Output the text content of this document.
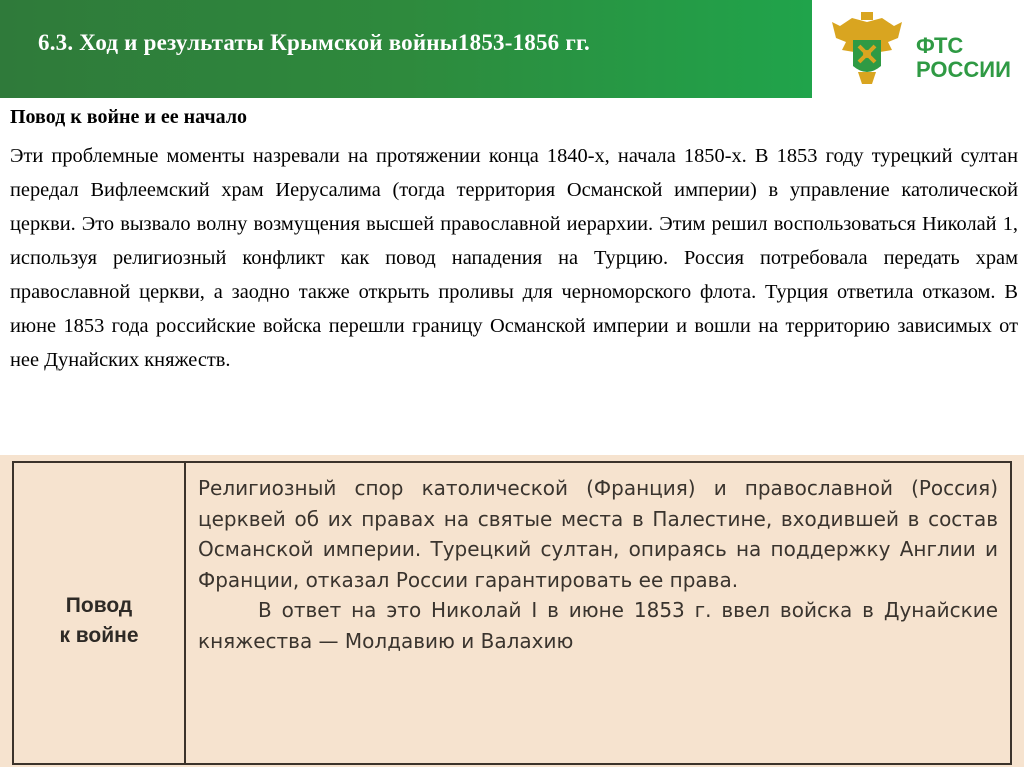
6.3. Ход и результаты Крымской войны1853-1856 гг.	ФТС
РОССИИ
Повод к войне и ее начало

Эти проблемные моменты назревали на протяжении конца 1840-х, начала 1850-х. В 1853 году турецкий султан передал Вифлеемский храм Иерусалима (тогда территория Османской империи) в управление католической церкви. Это вызвало волну возмущения высшей православной иерархии. Этим решил воспользоваться Николай 1, используя религиозный конфликт как повод нападения на Турцию. Россия потребовала передать храм православной церкви, а заодно также открыть проливы для черноморского флота. Турция ответила отказом. В июне 1853 года российские войска перешли границу Османской империи и вошли на территорию зависимых от нее Дунайских княжеств.

Повод
к войне

Религиозный спор католической (Франция) и православной (Россия) церквей об их правах на святые места в Палестине, входившей в состав Османской империи. Турецкий султан, опираясь на поддержку Англии и Франции, отказал России гарантировать ее права.

В ответ на это Николай I в июне 1853 г. ввел войска в Дунайские княжества — Молдавию и Валахию
